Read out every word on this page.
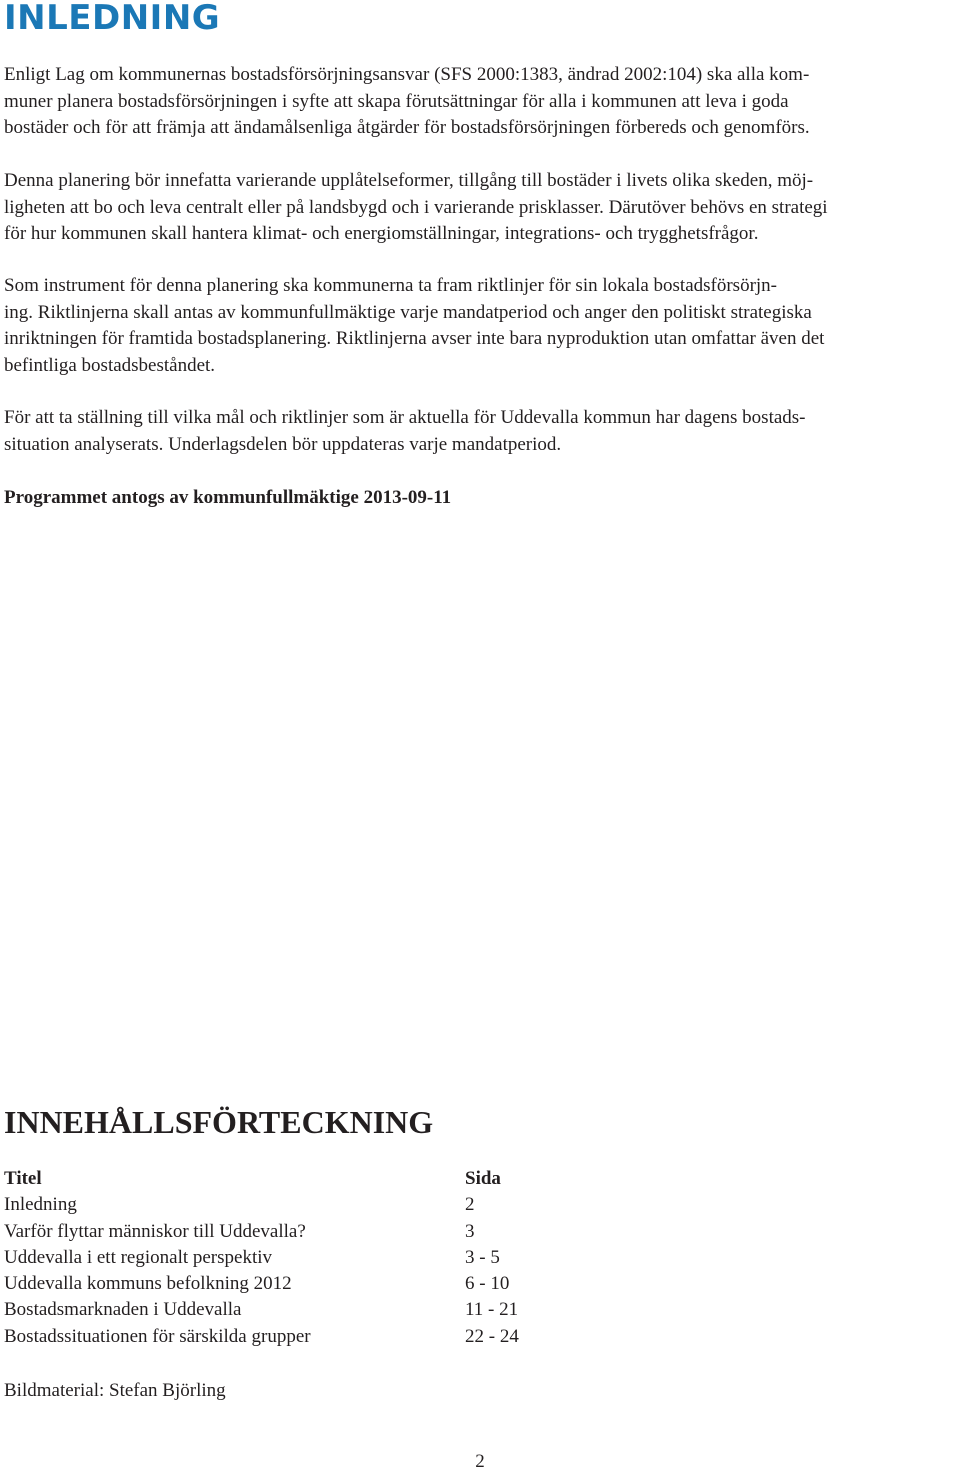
INLEDNING

Enligt Lag om kommunernas bostadsförsörjningsansvar (SFS 2000:1383, ändrad 2002:104) ska alla kom-
muner planera bostadsförsörjningen i syfte att skapa förutsättningar för alla i kommunen att leva i goda
bostäder och för att främja att ändamålsenliga åtgärder för bostadsförsörjningen förbereds och genomförs.

Denna planering bör innefatta varierande upplåtelseformer, tillgång till bostäder i livets olika skeden, möj-
ligheten att bo och leva centralt eller på landsbygd och i varierande prisklasser. Därutöver behövs en strategi
för hur kommunen skall hantera klimat- och energiomställningar, integrations- och trygghetsfrågor.

Som instrument för denna planering ska kommunerna ta fram riktlinjer för sin lokala bostadsförsörjn-
ing. Riktlinjerna skall antas av kommunfullmäktige varje mandatperiod och anger den politiskt strategiska
inriktningen för framtida bostadsplanering. Riktlinjerna avser inte bara nyproduktion utan omfattar även det
befintliga bostadsbeståndet.

För att ta ställning till vilka mål och riktlinjer som är aktuella för Uddevalla kommun har dagens bostads-
situation analyserats. Underlagsdelen bör uppdateras varje mandatperiod.

Programmet antogs av kommunfullmäktige 2013-09-11

INNEHÅLLSFÖRTECKNING
Titel	Sida
Inledning	2
Varför flyttar människor till Uddevalla?	3
Uddevalla i ett regionalt perspektiv	3 - 5
Uddevalla kommuns befolkning 2012	6 - 10
Bostadsmarknaden i Uddevalla	11 - 21
Bostadssituationen för särskilda grupper	22 - 24

Bildmaterial: Stefan Björling

2
